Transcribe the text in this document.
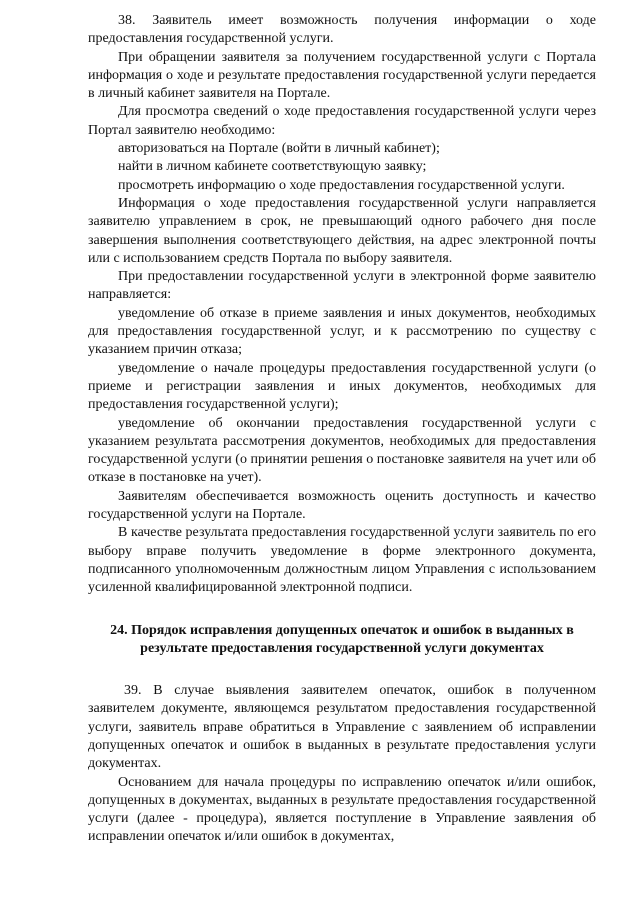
38. Заявитель имеет возможность получения информации о ходе предоставления государственной услуги.

При обращении заявителя за получением государственной услуги с Портала информация о ходе и результате предоставления государственной услуги передается в личный кабинет заявителя на Портале.

Для просмотра сведений о ходе предоставления государственной услуги через Портал заявителю необходимо:

авторизоваться на Портале (войти в личный кабинет);

найти в личном кабинете соответствующую заявку;

просмотреть информацию о ходе предоставления государственной услуги.

Информация о ходе предоставления государственной услуги направляется заявителю управлением в срок, не превышающий одного рабочего дня после завершения выполнения соответствующего действия, на адрес электронной почты или с использованием средств Портала по выбору заявителя.

При предоставлении государственной услуги в электронной форме заявителю направляется:

уведомление об отказе в приеме заявления и иных документов, необходимых для предоставления государственной услуг, и к рассмотрению по существу с указанием причин отказа;

уведомление о начале процедуры предоставления государственной услуги (о приеме и регистрации заявления и иных документов, необходимых для предоставления государственной услуги);

уведомление об окончании предоставления государственной услуги с указанием результата рассмотрения документов, необходимых для предоставления государственной услуги (о принятии решения о постановке заявителя на учет или об отказе в постановке на учет).

Заявителям обеспечивается возможность оценить доступность и качество государственной услуги на Портале.

В качестве результата предоставления государственной услуги заявитель по его выбору вправе получить уведомление в форме электронного документа, подписанного уполномоченным должностным лицом Управления с использованием усиленной квалифицированной электронной подписи.

24. Порядок исправления допущенных опечаток и ошибок в выданных в результате предоставления государственной услуги документах

39. В случае выявления заявителем опечаток, ошибок в полученном заявителем документе, являющемся результатом предоставления государственной услуги, заявитель вправе обратиться в Управление с заявлением об исправлении допущенных опечаток и ошибок в выданных в результате предоставления услуги документах.

Основанием для начала процедуры по исправлению опечаток и/или ошибок, допущенных в документах, выданных в результате предоставления государственной услуги (далее - процедура), является поступление в Управление заявления об исправлении опечаток и/или ошибок в документах,
